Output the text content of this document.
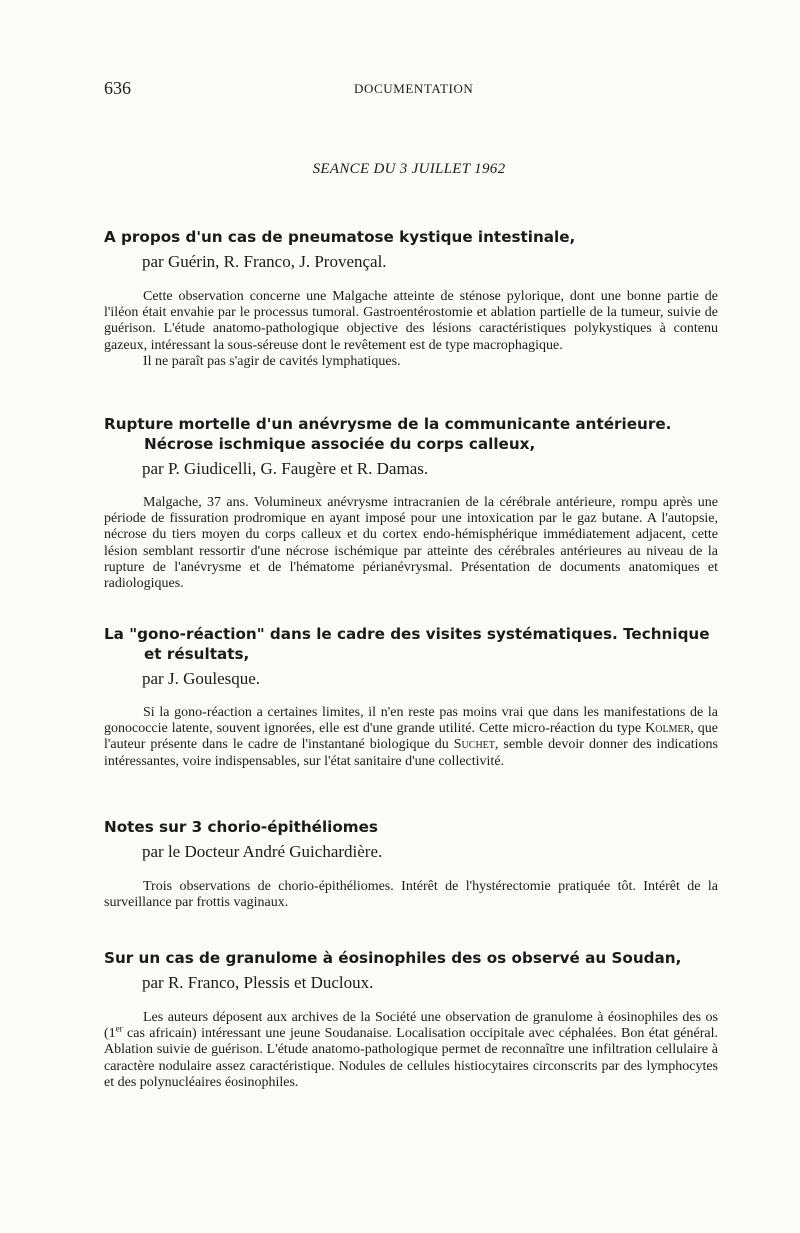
636	DOCUMENTATION
SEANCE DU 3 JUILLET 1962
A propos d'un cas de pneumatose kystique intestinale,
par Guérin, R. Franco, J. Provençal.

Cette observation concerne une Malgache atteinte de sténose pylorique, dont une bonne partie de l'iléon était envahie par le processus tumoral. Gastroentérostomie et ablation partielle de la tumeur, suivie de guérison. L'étude anatomo-pathologique objective des lésions caractéristiques polykystiques à contenu gazeux, intéressant la sous-séreuse dont le revêtement est de type macrophagique.

Il ne paraît pas s'agir de cavités lymphatiques.

Rupture mortelle d'un anévrysme de la communicante antérieure.
Nécrose ischmique associée du corps calleux,
par P. Giudicelli, G. Faugère et R. Damas.

Malgache, 37 ans. Volumineux anévrysme intracranien de la cérébrale antérieure, rompu après une période de fissuration prodromique en ayant imposé pour une intoxication par le gaz butane. A l'autopsie, nécrose du tiers moyen du corps calleux et du cortex endo-hémisphérique immédiatement adjacent, cette lésion semblant ressortir d'une nécrose ischémique par atteinte des cérébrales antérieures au niveau de la rupture de l'anévrysme et de l'hématome périanévrysmal. Présentation de documents anatomiques et radiologiques.

La "gono-réaction" dans le cadre des visites systématiques. Technique
et résultats,
par J. Goulesque.

Si la gono-réaction a certaines limites, il n'en reste pas moins vrai que dans les manifestations de la gonococcie latente, souvent ignorées, elle est d'une grande utilité. Cette micro-réaction du type Kolmer, que l'auteur présente dans le cadre de l'instantané biologique du Suchet, semble devoir donner des indications intéressantes, voire indispensables, sur l'état sanitaire d'une collectivité.

Notes sur 3 chorio-épithéliomes
par le Docteur André Guichardière.

Trois observations de chorio-épithéliomes. Intérêt de l'hystérectomie pratiquée tôt. Intérêt de la surveillance par frottis vaginaux.

Sur un cas de granulome à éosinophiles des os observé au Soudan,
par R. Franco, Plessis et Ducloux.

Les auteurs déposent aux archives de la Société une observation de granulome à éosinophiles des os (1er cas africain) intéressant une jeune Soudanaise. Localisation occipitale avec céphalées. Bon état général. Ablation suivie de guérison. L'étude anatomo-pathologique permet de reconnaître une infiltration cellulaire à caractère nodulaire assez caractéristique. Nodules de cellules histiocytaires circonscrits par des lymphocytes et des polynucléaires éosinophiles.
